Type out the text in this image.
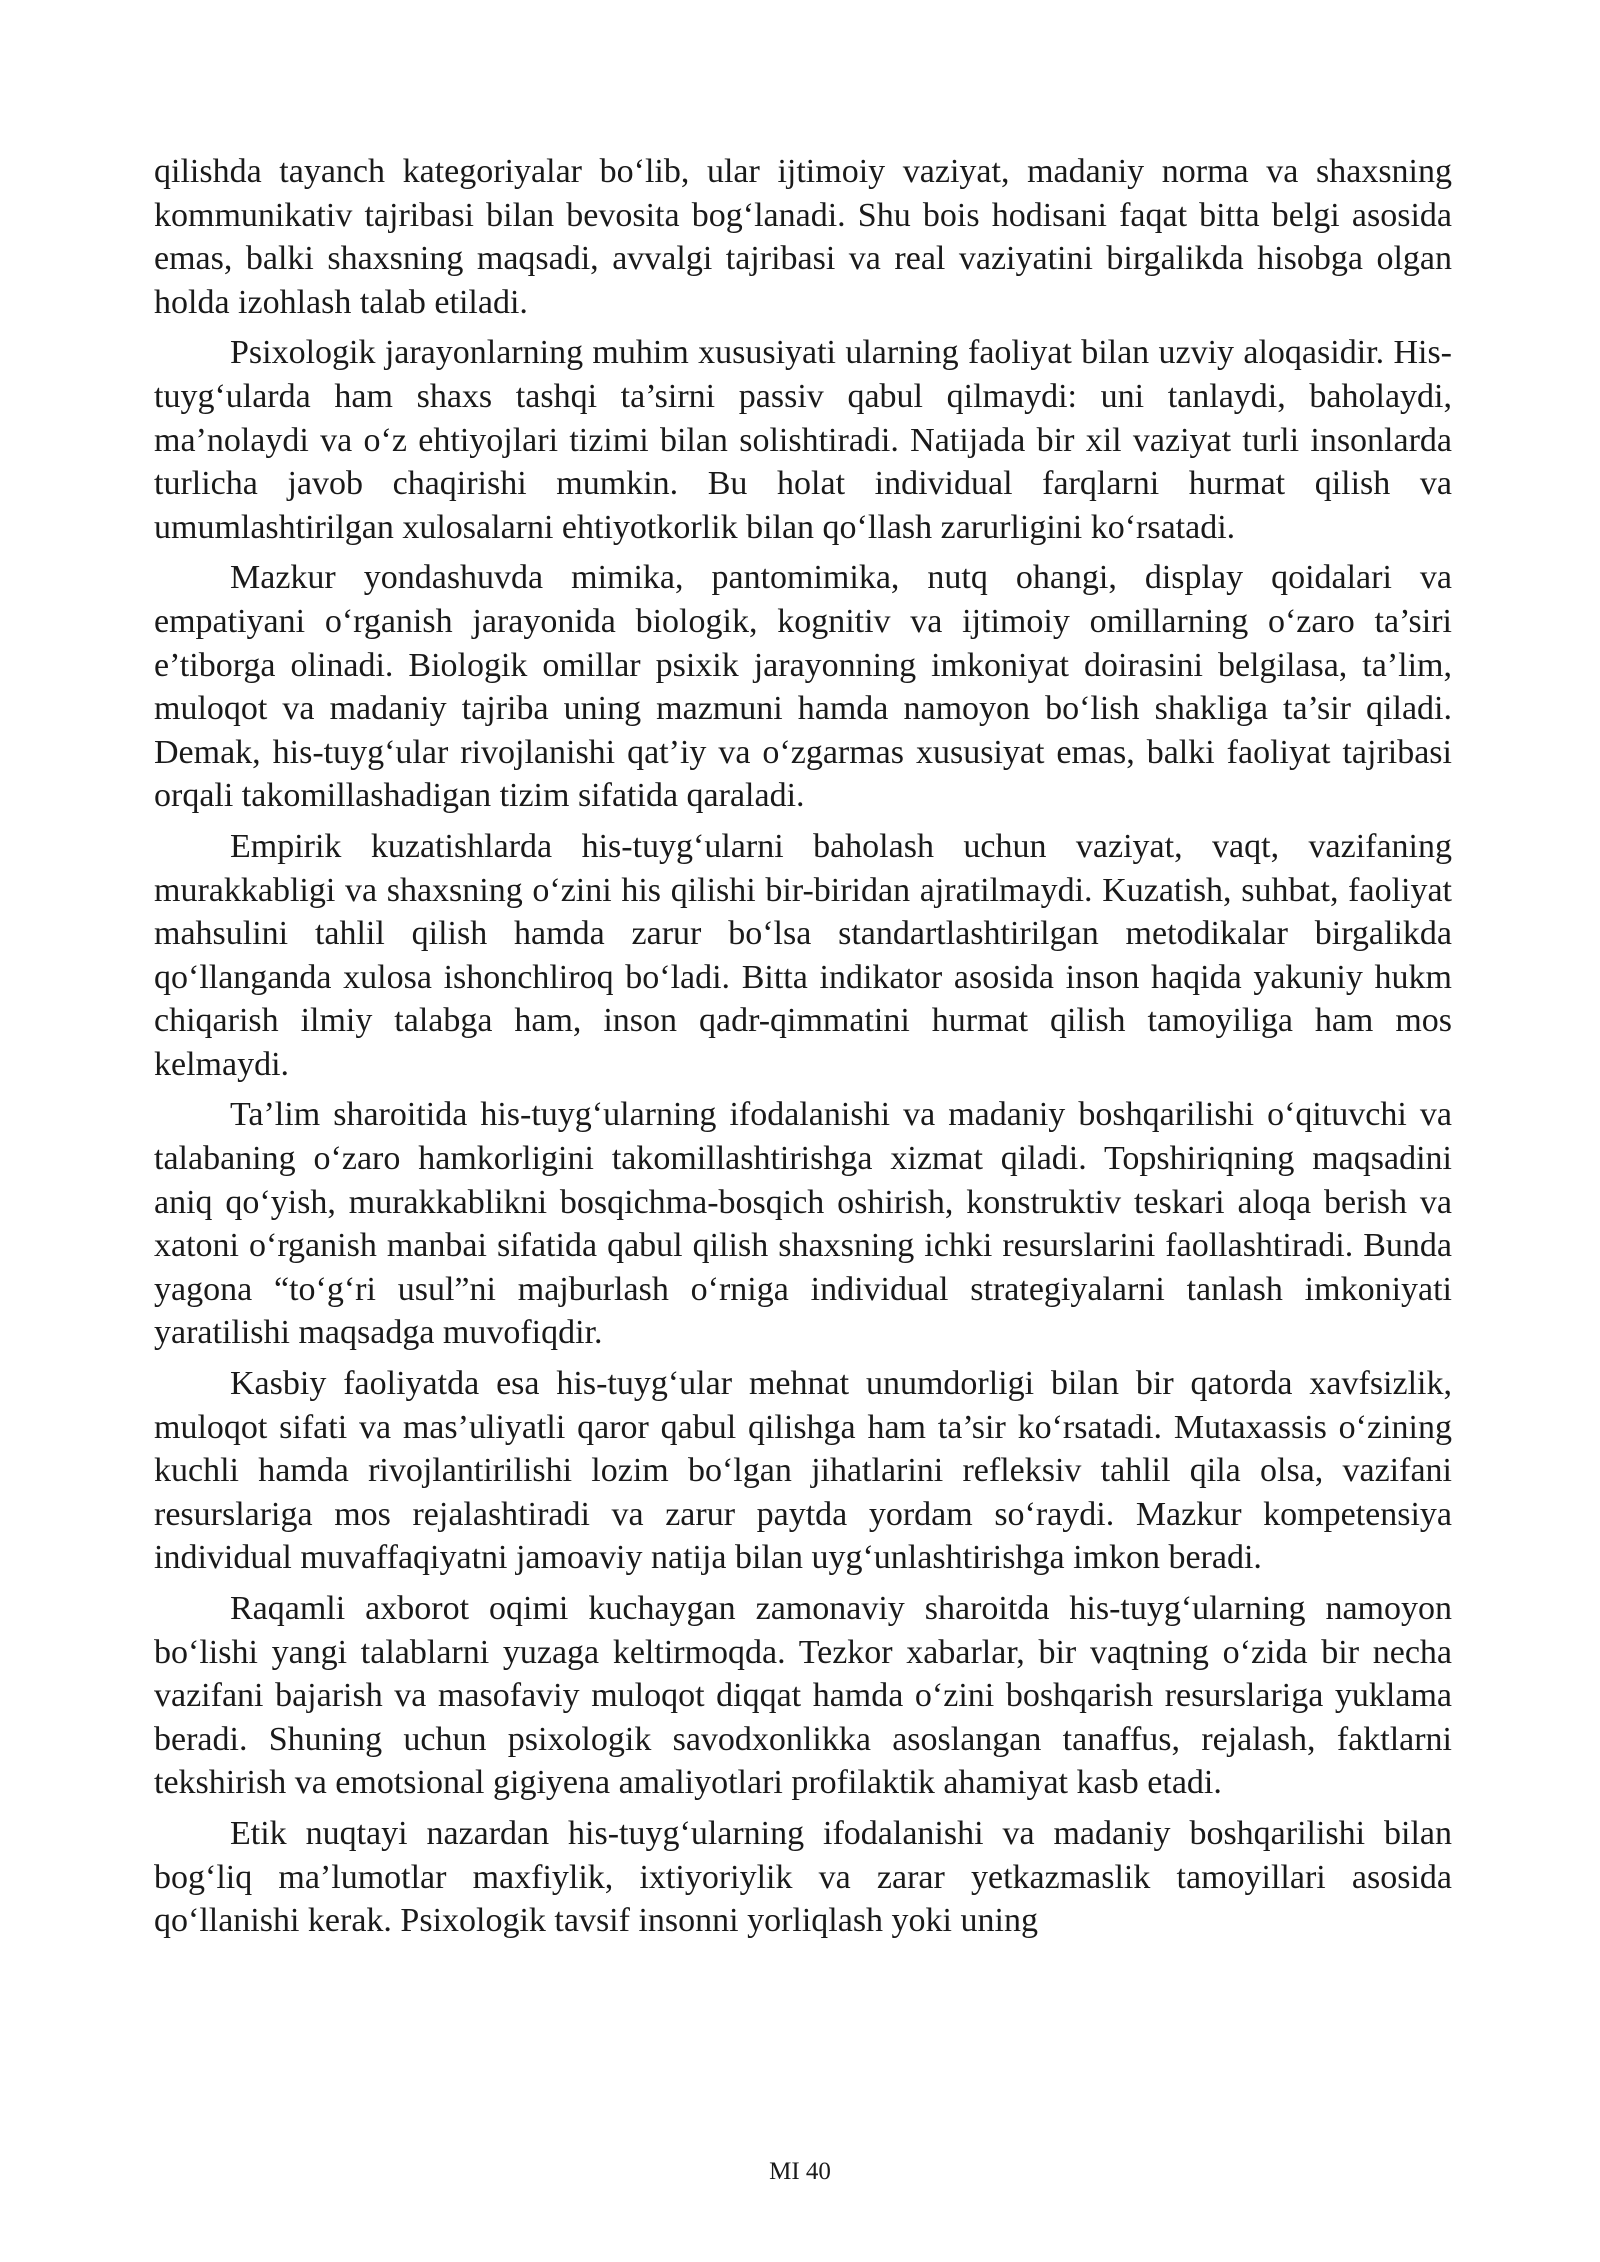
qilishda tayanch kategoriyalar bo‘lib, ular ijtimoiy vaziyat, madaniy norma va shaxsning kommunikativ tajribasi bilan bevosita bog‘lanadi. Shu bois hodisani faqat bitta belgi asosida emas, balki shaxsning maqsadi, avvalgi tajribasi va real vaziyatini birgalikda hisobga olgan holda izohlash talab etiladi.

Psixologik jarayonlarning muhim xususiyati ularning faoliyat bilan uzviy aloqasidir. His-tuyg‘ularda ham shaxs tashqi ta’sirni passiv qabul qilmaydi: uni tanlaydi, baholaydi, ma’nolaydi va o‘z ehtiyojlari tizimi bilan solishtiradi. Natijada bir xil vaziyat turli insonlarda turlicha javob chaqirishi mumkin. Bu holat individual farqlarni hurmat qilish va umumlashtirilgan xulosalarni ehtiyotkorlik bilan qo‘llash zarurligini ko‘rsatadi.

Mazkur yondashuvda mimika, pantomimika, nutq ohangi, display qoidalari va empatiyani o‘rganish jarayonida biologik, kognitiv va ijtimoiy omillarning o‘zaro ta’siri e’tiborga olinadi. Biologik omillar psixik jarayonning imkoniyat doirasini belgilasa, ta’lim, muloqot va madaniy tajriba uning mazmuni hamda namoyon bo‘lish shakliga ta’sir qiladi. Demak, his-tuyg‘ular rivojlanishi qat’iy va o‘zgarmas xususiyat emas, balki faoliyat tajribasi orqali takomillashadigan tizim sifatida qaraladi.

Empirik kuzatishlarda his-tuyg‘ularni baholash uchun vaziyat, vaqt, vazifaning murakkabligi va shaxsning o‘zini his qilishi bir-biridan ajratilmaydi. Kuzatish, suhbat, faoliyat mahsulini tahlil qilish hamda zarur bo‘lsa standartlashtirilgan metodikalar birgalikda qo‘llanganda xulosa ishonchliroq bo‘ladi. Bitta indikator asosida inson haqida yakuniy hukm chiqarish ilmiy talabga ham, inson qadr-qimmatini hurmat qilish tamoyiliga ham mos kelmaydi.

Ta’lim sharoitida his-tuyg‘ularning ifodalanishi va madaniy boshqarilishi o‘qituvchi va talabaning o‘zaro hamkorligini takomillashtirishga xizmat qiladi. Topshiriqning maqsadini aniq qo‘yish, murakkablikni bosqichma-bosqich oshirish, konstruktiv teskari aloqa berish va xatoni o‘rganish manbai sifatida qabul qilish shaxsning ichki resurslarini faollashtiradi. Bunda yagona “to‘g‘ri usul”ni majburlash o‘rniga individual strategiyalarni tanlash imkoniyati yaratilishi maqsadga muvofiqdir.

Kasbiy faoliyatda esa his-tuyg‘ular mehnat unumdorligi bilan bir qatorda xavfsizlik, muloqot sifati va mas’uliyatli qaror qabul qilishga ham ta’sir ko‘rsatadi. Mutaxassis o‘zining kuchli hamda rivojlantirilishi lozim bo‘lgan jihatlarini refleksiv tahlil qila olsa, vazifani resurslariga mos rejalashtiradi va zarur paytda yordam so‘raydi. Mazkur kompetensiya individual muvaffaqiyatni jamoaviy natija bilan uyg‘unlashtirishga imkon beradi.

Raqamli axborot oqimi kuchaygan zamonaviy sharoitda his-tuyg‘ularning namoyon bo‘lishi yangi talablarni yuzaga keltirmoqda. Tezkor xabarlar, bir vaqtning o‘zida bir necha vazifani bajarish va masofaviy muloqot diqqat hamda o‘zini boshqarish resurslariga yuklama beradi. Shuning uchun psixologik savodxonlikka asoslangan tanaffus, rejalash, faktlarni tekshirish va emotsional gigiyena amaliyotlari profilaktik ahamiyat kasb etadi.

Etik nuqtayi nazardan his-tuyg‘ularning ifodalanishi va madaniy boshqarilishi bilan bog‘liq ma’lumotlar maxfiylik, ixtiyoriylik va zarar yetkazmaslik tamoyillari asosida qo‘llanishi kerak. Psixologik tavsif insonni yorliqlash yoki uning

MI 40
